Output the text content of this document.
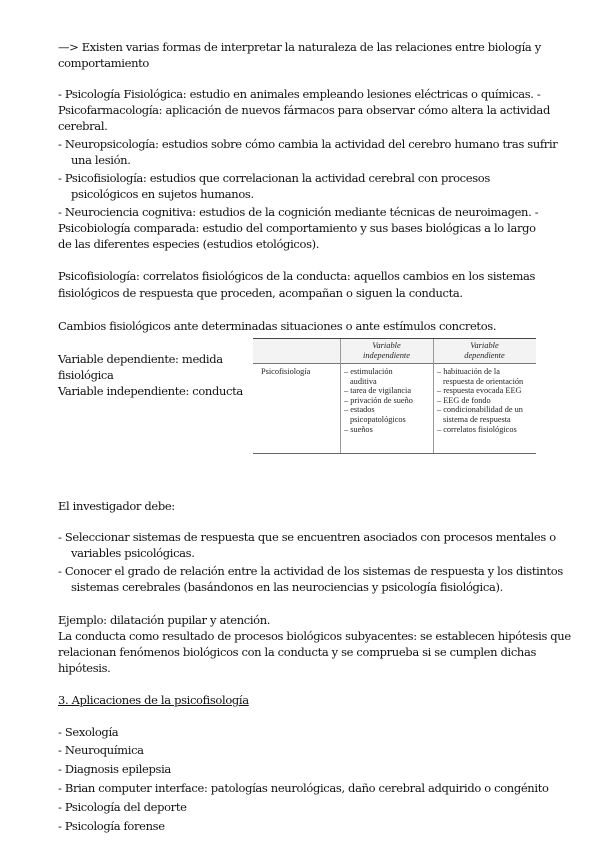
—> Existen varias formas de interpretar la naturaleza de las relaciones entre biología y
comportamiento
- Psicología Fisiológica: estudio en animales empleando lesiones eléctricas o químicas. -
Psicofarmacología: aplicación de nuevos fármacos para observar cómo altera la actividad
cerebral.
- Neuropsicología: estudios sobre cómo cambia la actividad del cerebro humano tras sufrir
una lesión.
- Psicofisiología: estudios que correlacionan la actividad cerebral con procesos
psicológicos en sujetos humanos.
- Neurociencia cognitiva: estudios de la cognición mediante técnicas de neuroimagen. -
Psicobiología comparada: estudio del comportamiento y sus bases biológicas a lo largo
de las diferentes especies (estudios etológicos).
Psicofisiología: correlatos fisiológicos de la conducta: aquellos cambios en los sistemas
fisiológicos de respuesta que proceden, acompañan o siguen la conducta.
Cambios fisiológicos ante determinadas situaciones o ante estímulos concretos.
Variable dependiente: medida
fisiológica
Variable independiente: conducta
Variable
independiente
Variable
dependiente
Psicofisiología	– estimulación
auditiva
– tarea de vigilancia
– privación de sueño
– estados
psicopatológicos
– sueños
– habituación de la
respuesta de orientación
– respuesta evocada EEG
– EEG de fondo
– condicionabilidad de un
sistema de respuesta
– correlatos fisiológicos
El investigador debe:
- Seleccionar sistemas de respuesta que se encuentren asociados con procesos mentales o
variables psicológicas.
- Conocer el grado de relación entre la actividad de los sistemas de respuesta y los distintos
sistemas cerebrales (basándonos en las neurociencias y psicología fisiológica).
Ejemplo: dilatación pupilar y atención.
La conducta como resultado de procesos biológicos subyacentes: se establecen hipótesis que
relacionan fenómenos biológicos con la conducta y se comprueba si se cumplen dichas
hipótesis.
3. Aplicaciones de la psicofisología
- Sexología
- Neuroquímica
- Diagnosis epilepsia
- Brian computer interface: patologías neurológicas, daño cerebral adquirido o congénito
- Psicología del deporte
- Psicología forense
